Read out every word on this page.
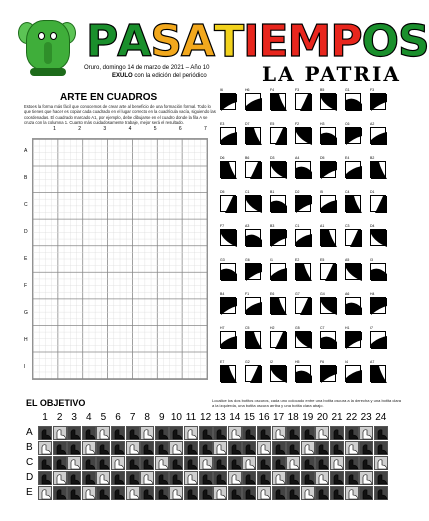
P A S A T I E M P O S
Oruro, domingo 14 de marzo de 2021 – Año 10
EXULO con la edición del periódico	LA PATRIA
ARTE EN CUADROS
Estoes la forma más fácil que conocemos de crear arte al beneficio de una formación formal. Todo lo que tienes que hacer es copiar cada cuadrado en el lugar correcto en la cuadrícula vacía, siguiendo las coordenadas. El cuadrado marcado A1, por ejemplo, debe dibujarse en el cuadro donde la fila A se cruza con la columna 1. Cuanto más cuidadosamente trabaje, mejor será el resultado.
1	2	3	4	5	6	7
A
B
C
D
E
F
G
H
I
I6	H6	F4	F3	B5	G1	F3
E3	D7	E5	F2	H3	C6	A2
D6	B6	D3	A4	D5	E4	B2
D5	C1	B1	D2	I5	C4	D1
F7	A3	B3	C1	A1	C3	D4
G3	G6	I1	E2	E5	A5	I3
B4	F1	E6	G7	G4	A6	H4
H7	C5	H2	G5	C7	H1	I7
E7	G2	I2	H5	F6	I4	A7
EL OBJETIVO	Localice los dos botitos oscuros, cada uno colocado entre una botita oscura a la derecha y una botita clara a la izquierda, una botita oscura arriba y una botita clara abajo.
1 2 3 4 5 6 7 8 9 10 11 12 13 14 15 16 17 18 19 20 21 22 23 24
A
B
C
D
E
